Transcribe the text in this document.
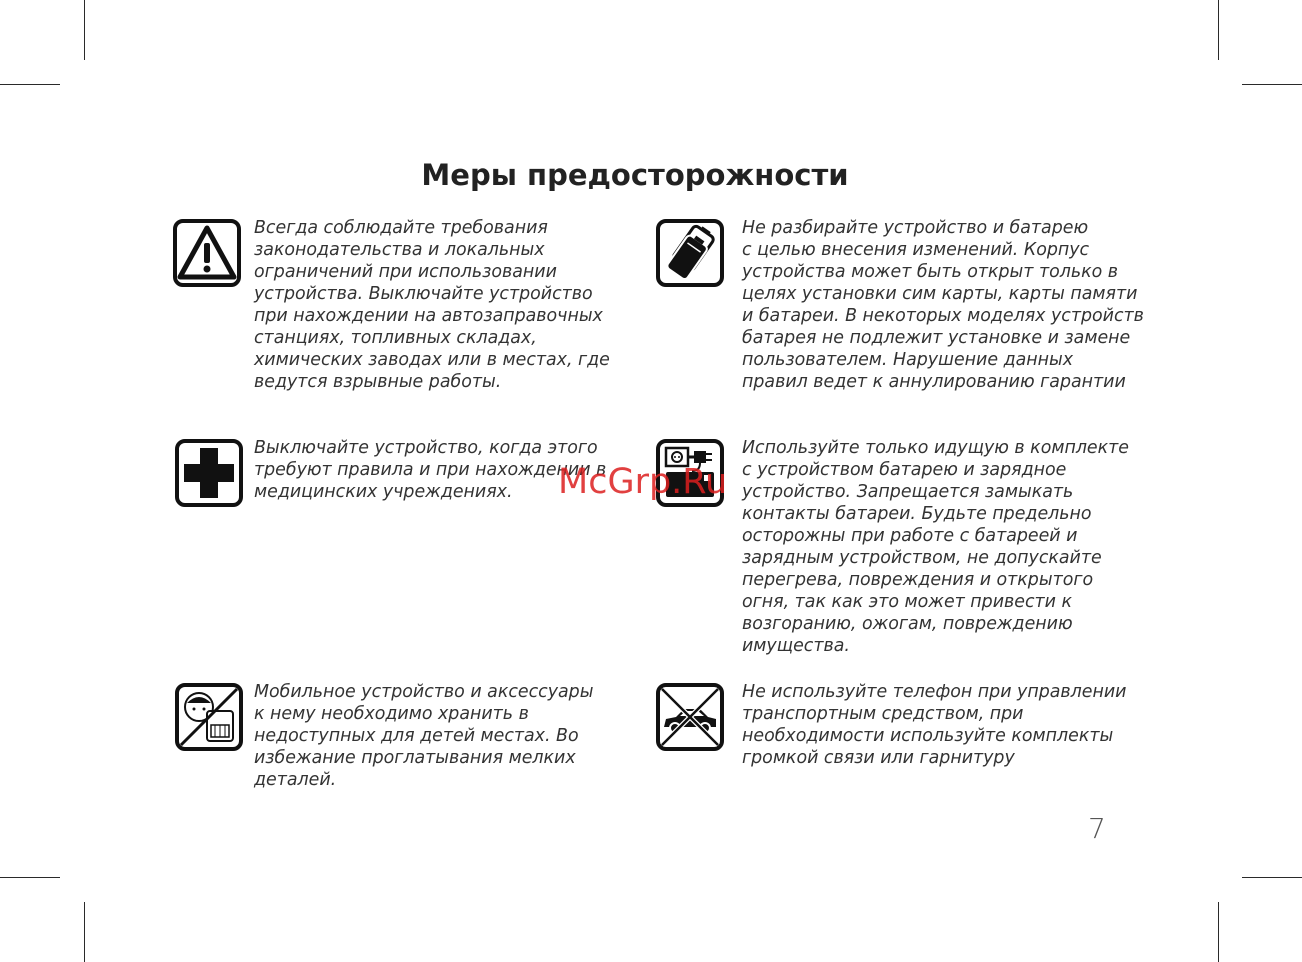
Меры предосторожности

Всегда соблюдайте требования
законодательства и локальных
ограничений при использовании
устройства. Выключайте устройство
при нахождении на автозаправочных
станциях, топливных складах,
химических заводах или в местах, где
ведутся взрывные работы.

Не разбирайте устройство и батарею
с целью внесения изменений. Корпус
устройства может быть открыт только в
целях установки сим карты, карты памяти
и батареи. В некоторых моделях устройств
батарея не подлежит установке и замене
пользователем. Нарушение данных
правил ведет к аннулированию гарантии

Выключайте устройство, когда этого
требуют правила и при нахождении в
медицинских учреждениях.

Используйте только идущую в комплекте
с устройством батарею и зарядное
устройство. Запрещается замыкать
контакты батареи. Будьте предельно
осторожны при работе с батареей и
зарядным устройством, не допускайте
перегрева, повреждения и открытого
огня, так как это может привести к
возгоранию, ожогам, повреждению
имущества.

Мобильное устройство и аксессуары
к нему необходимо хранить в
недоступных для детей местах. Во
избежание проглатывания мелких
деталей.

Не используйте телефон при управлении
транспортным средством, при
необходимости используйте комплекты
громкой связи или гарнитуру

McGrp.Ru
7
